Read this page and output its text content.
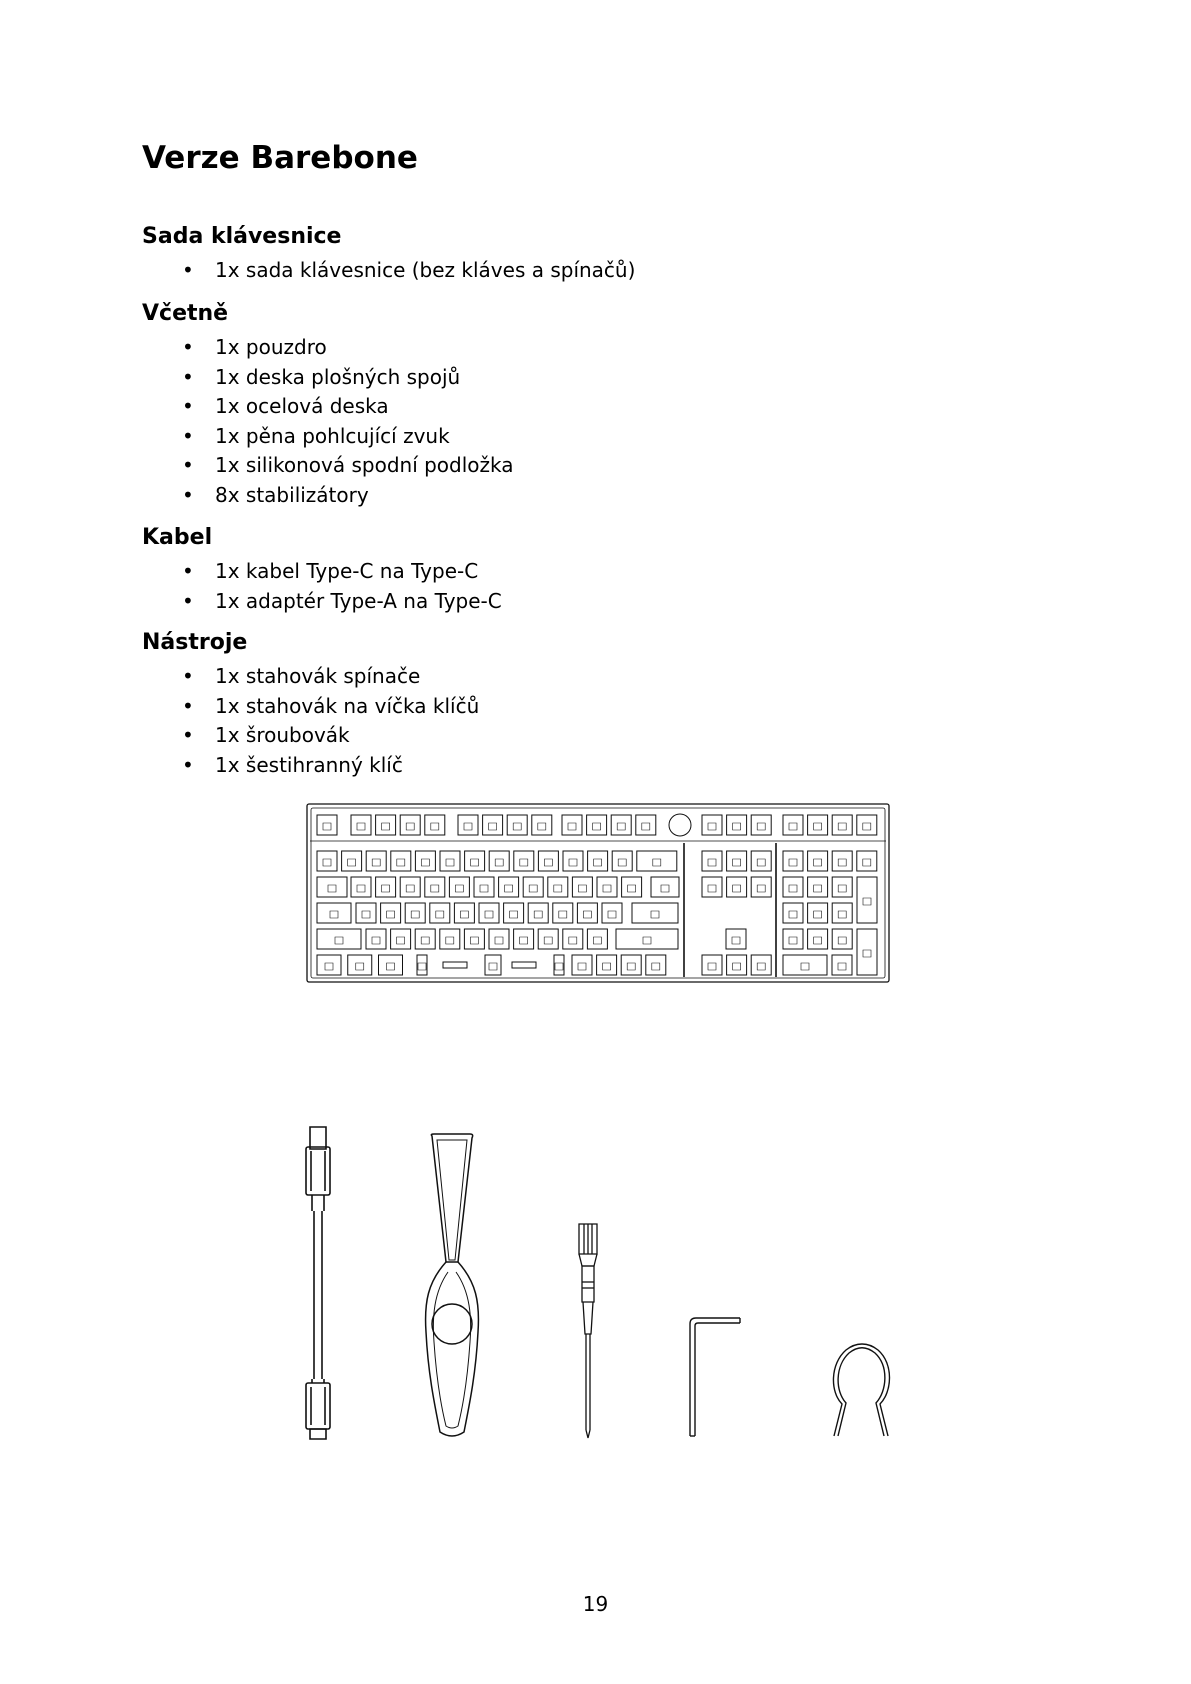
Verze Barebone
Sada klávesnice
• 1x sada klávesnice (bez kláves a spínačů)
Včetně
• 1x pouzdro
• 1x deska plošných spojů
• 1x ocelová deska
• 1x pěna pohlcující zvuk
• 1x silikonová spodní podložka
• 8x stabilizátory
Kabel
• 1x kabel Type-C na Type-C
• 1x adaptér Type-A na Type-C
Nástroje
• 1x stahovák spínače
• 1x stahovák na víčka klíčů
• 1x šroubovák
• 1x šestihranný klíč
19
